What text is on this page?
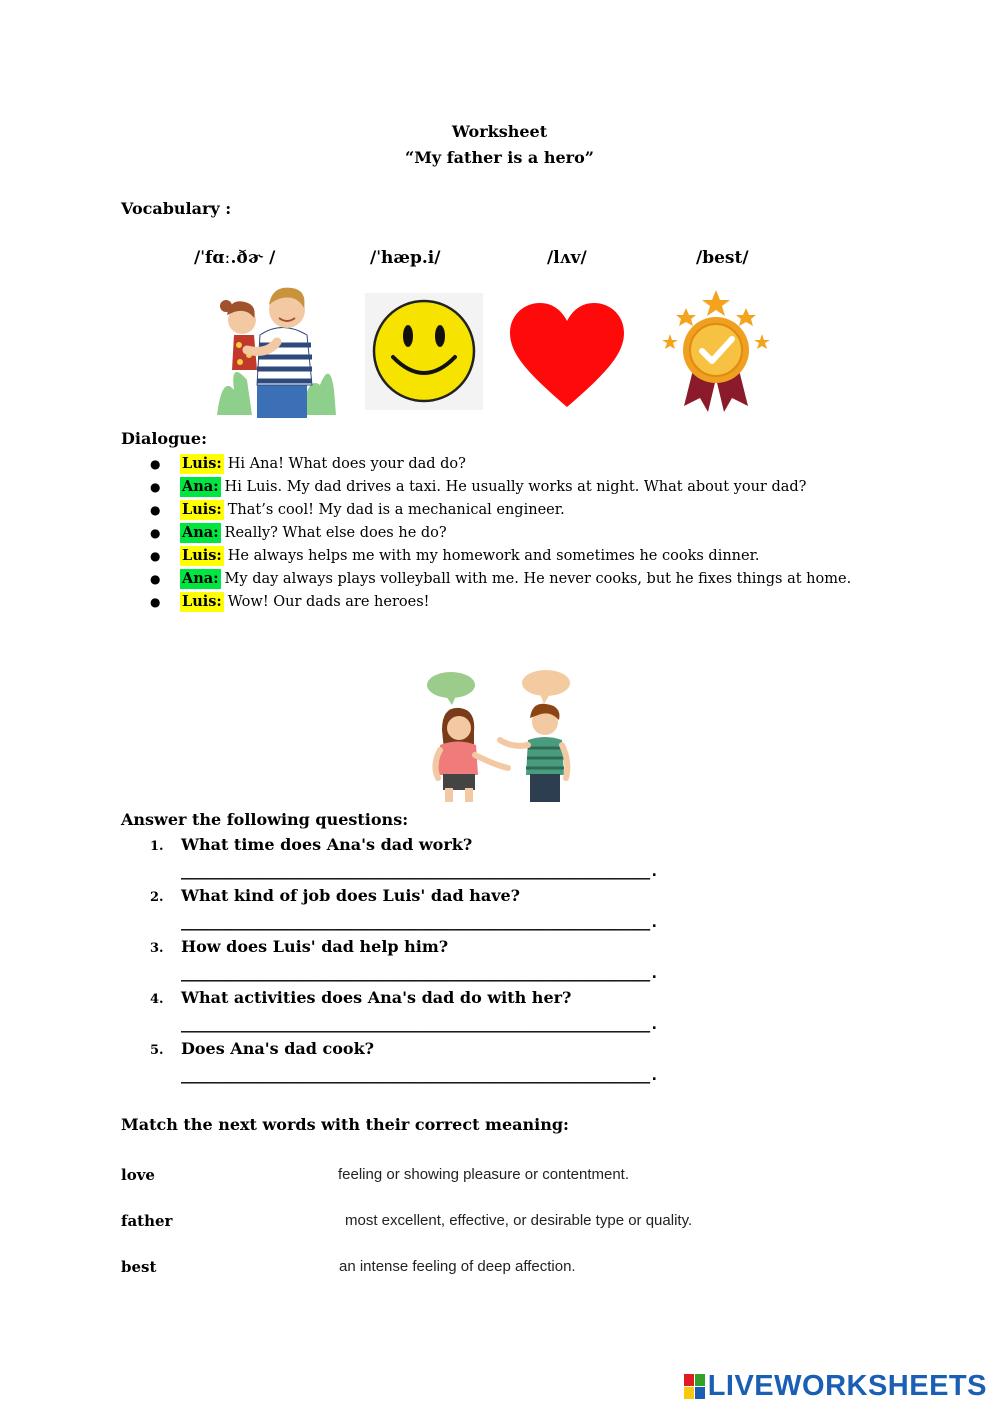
Worksheet
“My father is a hero”
Vocabulary :
/ˈfɑː.ðɚ /	/ˈhæp.i/	/lʌv/	/best/
Dialogue:
●	Luis: Hi Ana! What does your dad do?
●	Ana: Hi Luis. My dad drives a taxi. He usually works at night. What about your dad?
●	Luis: That’s cool! My dad is a mechanical engineer.
●	Ana: Really? What else does he do?
●	Luis: He always helps me with my homework and sometimes he cooks dinner.
●	Ana: My day always plays volleyball with me. He never cooks, but he fixes things at home.
●	Luis: Wow! Our dads are heroes!
Answer the following questions:
1. What time does Ana's dad work?
______________________________________________________.
2. What kind of job does Luis' dad have?
______________________________________________________.
3. How does Luis' dad help him?
______________________________________________________.
4. What activities does Ana's dad do with her?
______________________________________________________.
5. Does Ana's dad cook?
______________________________________________________.
Match the next words with their correct meaning:
love	feeling or showing pleasure or contentment.
father	most excellent, effective, or desirable type or quality.
best	an intense feeling of deep affection.
LIVEWORKSHEETS
